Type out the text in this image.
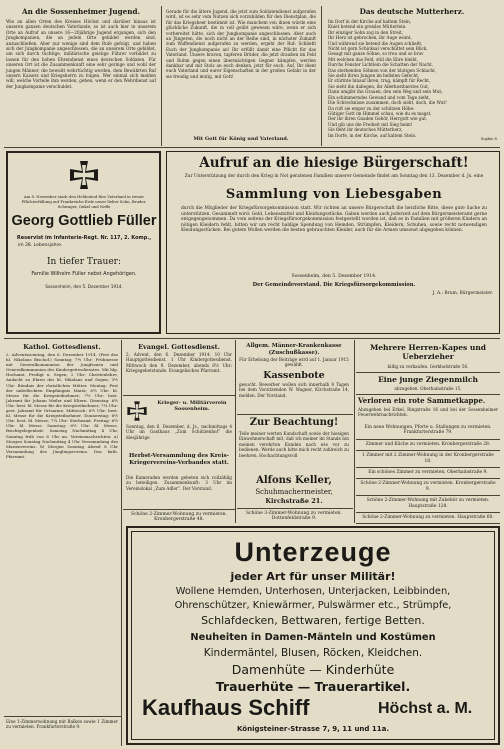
An die Sossenheimer Jugend.
Wie an allen Orten des Kreises Höchst und darüber hinaus ist unseren ganzen deutschen Vaterlande, so ist auch hier in unserem Orte an Aufruf an unsere 16—20jährige Jugend ergangen, sich den Jungkompanien, die an jedem Orte gebildet werden sind, anzuschließen. Aber nur wenige sind dem Rufe gefolgt, und haben sich der Jungkompanie angeschlossen, die an unserem Orte gebildet, um sich durch tüchtige, militärische geistige Führer vorbildet zu lassen für den hohen Ehrendienst eines deutschen Soldaten. Für unseren Ort ist die Zusammenkunft eine sehr geringe und wohl der jungen Männer, die bewußt wehrtüchtig werden, dem Bewährten Ruf unsern Kaisers und Kriegsherrn zu folgen. Wer einmal sich melden will, welche Vorteile ihm werden, gehen, wenn er den Wehrdienst auf der Jungkompanie verschuldet.
Gerade für die ältere Jugend, die jetzt zum Soldatendienst aufgerufen wird, ist es sehr vom Nutzen sich vorzubilden für den Dienstplan, die für das Kriegsheer bestimmt ist. Wie manchem von ihnen würde eine glückliche Zukunft, die in voll geübt gewesen wäre, wenn er sich vorbereitet hätte, sich der Jungkompanie angeschlossen. Aber auch an Jüngeren, die noch nicht an der Reihe sind, in nächster Zukunft zum Waffendienst aufgerufen zu werden, ergeht der Ruf: Schließt Euch der Jungkompanie an! Ihr erfüllt damit eine Pflicht für das Vaterland. Unsere braven, tapferen Brüder, die jetzt draußen im Feld und Ruhm gegen einen übermächtigen Gegner kämpfen, werden dankbar und mit Stolz an euch denken, jetzt für euch. Auf, Ihr dient euch Vaterland und eurer Eigenschaften in der großen Gefahr in der sie freudig und mutig, mit Gott!
Mit Gott für König und Vaterland.
Das deutsche Mutterherz.
Im Dorf in der Kirche auf kaltem Stein,
Kniet betend ein greisles Mütterlein.
Ihr einziger Sohn zog in den Streit,
Ihr Herz ist gebrochen, ihr Auge weint,
Und während sie betend die Augen schließt,
Nicht ist gern Schicksal verschüttet sein Blick,
Gesagt mit ganze Söhne, so treu und so brav
Mit welchen das Feld, still die Ehre bleibt,
Durchs Fenster Lichtlein die Schatten der Nacht,
Das sterbenden Söhnen von der blutigen Schlacht,
Sie sieht ihren Jungen im hellsten Gefecht,
Er stürmte hinauf ihren, trug, kämpft für Recht,
Sie sieht ihn daliegen, ihr Allerkostbarstes Gut,
Dann umgibt ihn Grauen, den sein Weg und sein Mut;
Ein schimmerndes Gewand und vom Tage zieht,
Die Schrecknisse zusammen, doch sieht, doch, die Wut!
Da ruft sie empor zu der schützen Höhe:
Gütiger Gott im Himmel schau, wie du es magst,
Der ihr ihren Gnaden Gehör, Herrgott wie gut,
Und gib uns die Freiheit mit Sieg heim!
Sie fleht ihr deutsches Mütterherz,
Im Dorfe, in der Kirche, auf kaltem Stein.
Sophie S.
Am 8. November starb den Heldentod fürs Vaterland in treuer Pflichterfüllung auf Frankreichs Erde unser lieber Sohn, Bruder, Schwager, Onkel und Neffe
Georg Gottlieb Füller
Reservist im Infanterie-Regt. Nr. 117, 2. Komp.,
im 28. Lebensjahre.
In tiefer Trauer:
Familie Wilhelm Füller nebst Angehörigen.
Sossenheim, den 5. Dezember 1914.
Aufruf an die hiesige Bürgerschaft!
Zur Unterstützung der durch den Krieg in Not geratenen Familien unserer Gemeinde findet am Sonntag den 13. Dezember d. Js. eine
Sammlung von Liebesgaben
durch die Mitglieder der Kriegsfürsorgekommission statt. Wir richten an unsere Bürgerschaft die herzliche Bitte, diese gute Sache zu unterstützen. Gesammelt wird: Geld, Lebensmittel und Kleidungsstücke. Gaben werden auch jederzeit auf dem Bürgermeisteramt gerne entgegengenommen. Da vom seitens der Kriegsfürsorgekommission festgestellt worden ist, daß es in Familien mit größeren Kindern an nötigen Kleidern fehlt, bitten wir um recht baldige Spendung von Hemden, Strümpfen, Kleidern, Schuhen, sowie recht notwendigen Kleidungsstücken. Bei gutem Wollen werden die besten gebrauchten Kleider, auch für die Armen umsonst abgegeben können.
Sossenheim, den 5. Dezember 1914.
Der Gemeindevorstand. Die Kriegsfürsorgekommission.
J. A.: Brum, Bürgermeister.
Kathol. Gottesdienst.
2. Adventssonntag, den 6. Dezember 1914. (Fest des hl. Nikolaus Bischof.) Sonntag: 7½ Uhr: Frühmesse mit Generalkommunion der Jungfrauen und Generalkommunion des Kindergottesdienstes. Mit hlg. Hochamt, Predigt u. Segen; 2 Uhr: Christenlehre, Andacht zu Ehren des hl. Nikolaus und Segen; 3½ Uhr: Bündnis der christlichen Mütter. Montag: Fest der unbefleckten Empfängnis Mariä; 6½ Uhr: hl. Messe für die Kriegsteilnehmer; 7½ Uhr: best. Jahramt für Johann Weiler und Eltern. Dienstag: 6½ Uhr: best. hl. Messe für die Kriegsteilnehmer; 7¼ Uhr: gest. Jahramt für Ortsarme. Mittwoch: 6½ Uhr: best. hl. Messe für die Kriegsteilnehmer. Donnerstag: 6½ Uhr: best. hl. Messe; 7¼ Uhr: Sterbeamt. Freitag: 6½ Uhr: hl. Messe. Samstag: 6½ Uhr: hl. Messe. Beichtgelegenheit: Samstag Nachmittag 4 Uhr, Sonntag früh von 6 Uhr an. Vereinsnachrichten: a) Morgen Sonntag Nachmittag 4 Uhr Versammlung des Marienvereins. b) Morgen Sonntag Abend 8 Uhr Versammlung des Jünglingsvereins. Das kath. Pfarramt.
Evangel. Gottesdienst.
2. Advent, den 6. Dezember 1914. 10 Uhr Hauptgottesdienst. 1 Uhr Kindergottesdienst. Mittwoch den 9. Dezember, abends 8½ Uhr: Kriegsgebetstunde. Evangelisches Pfarramt.
Krieger- u. Militärverein Sossenheim.
Sonntag, den 6. Dezember, d. Js., nachmittags 4 Uhr im Gasthaus „Zum Schützenhof“ die diesjährige
Herbst-Versammlung des Kreis-Kriegervereins-Verbandes statt.
Die Kameraden werden gebeten sich vollzählig zu beteiligen. Zusammenkunft: 3 Uhr im Vereinslokal „Zum Adler“. Der Vorstand.
Schöne 2-Zimmer-Wohnung zu vermieten. Kronbergerstraße 48.
Allgem. Männer-Krankenkasse (Zuschußkasse).
Für Erhebung der Beiträge wird auf 1. Januar 1915 gewählt.
Kassenbote
gesucht. Bewerber wollen sich innerhalb 8 Tagen bei dem Vorsitzenden W. Wagner, Kirchstraße 14, melden. Der Vorstand.
Zur Beachtung!
Teile meiner werten Kundschaft sowie der hiesigen Einwohnerschaft mit, daß ich meiner im Stande bin meinen verehrten Kunden nach wie vor zu bedienen. Werde auch bitte mich recht zahlreich zu beehren. Hochachtungsvoll
Alfons Keller,
Schuhmachermeister,
Kirchstraße 21.
Schöne 3-Zimmer-Wohnung zu vermieten. Dottenfeldstraße 9.
Mehrere Herren-Kapes und Ueberzieher
billig zu verkaufen. Gerkhofstraße 56.
Eine junge Ziegenmilch
abzugeben. Oberhainstraße 15.
Verloren ein rote Sammetkappe.
Abzugeben bei Erkel, Ringstraße 16 und bei der Sossenheimer Feuerwehrnachrichten.
Ein neue Wohnungen, Pforte u. Stallungen zu vermieten. Frankfurterstraße 79.
Zimmer und Küche zu vermieten. Kronbergerstraße 28.
1 Zimmer mit 2 Zimmer-Wohnung in der Kronbergerstraße 18.
Ein schönes Zimmer zu vermieten. Oberhainstraße 9.
Schöne 2-Zimmer-Wohnung zu vermieten. Kronbergerstraße 9.
Schöne 2-Zimmer-Wohnung mit Zubehör zu vermieten. Hauptstraße 128.
Schöne 2-Zimmer-Wohnung zu vermieten. Hauptstraße 60.
Eine 1-Zimmerwohnung mit Balkon sowie 1 Zimmer zu vermieten. Frankfurterstraße 9.
Unterzeuge
jeder Art für unser Militär!
Wollene Hemden, Unterhosen, Unterjacken, Leibbinden,
Ohrenschützer, Kniewärmer, Pulswärmer etc., Strümpfe,
Schlafdecken, Bettwaren, fertige Betten.
Neuheiten in Damen-Mänteln und Kostümen
Kindermäntel, Blusen, Röcken, Kleidchen.
Damenhüte — Kinderhüte
Trauerhüte — Trauerartikel.
Kaufhaus Schiff	Höchst a. M.
Königsteiner-Strasse 7, 9, 11 und 11a.
